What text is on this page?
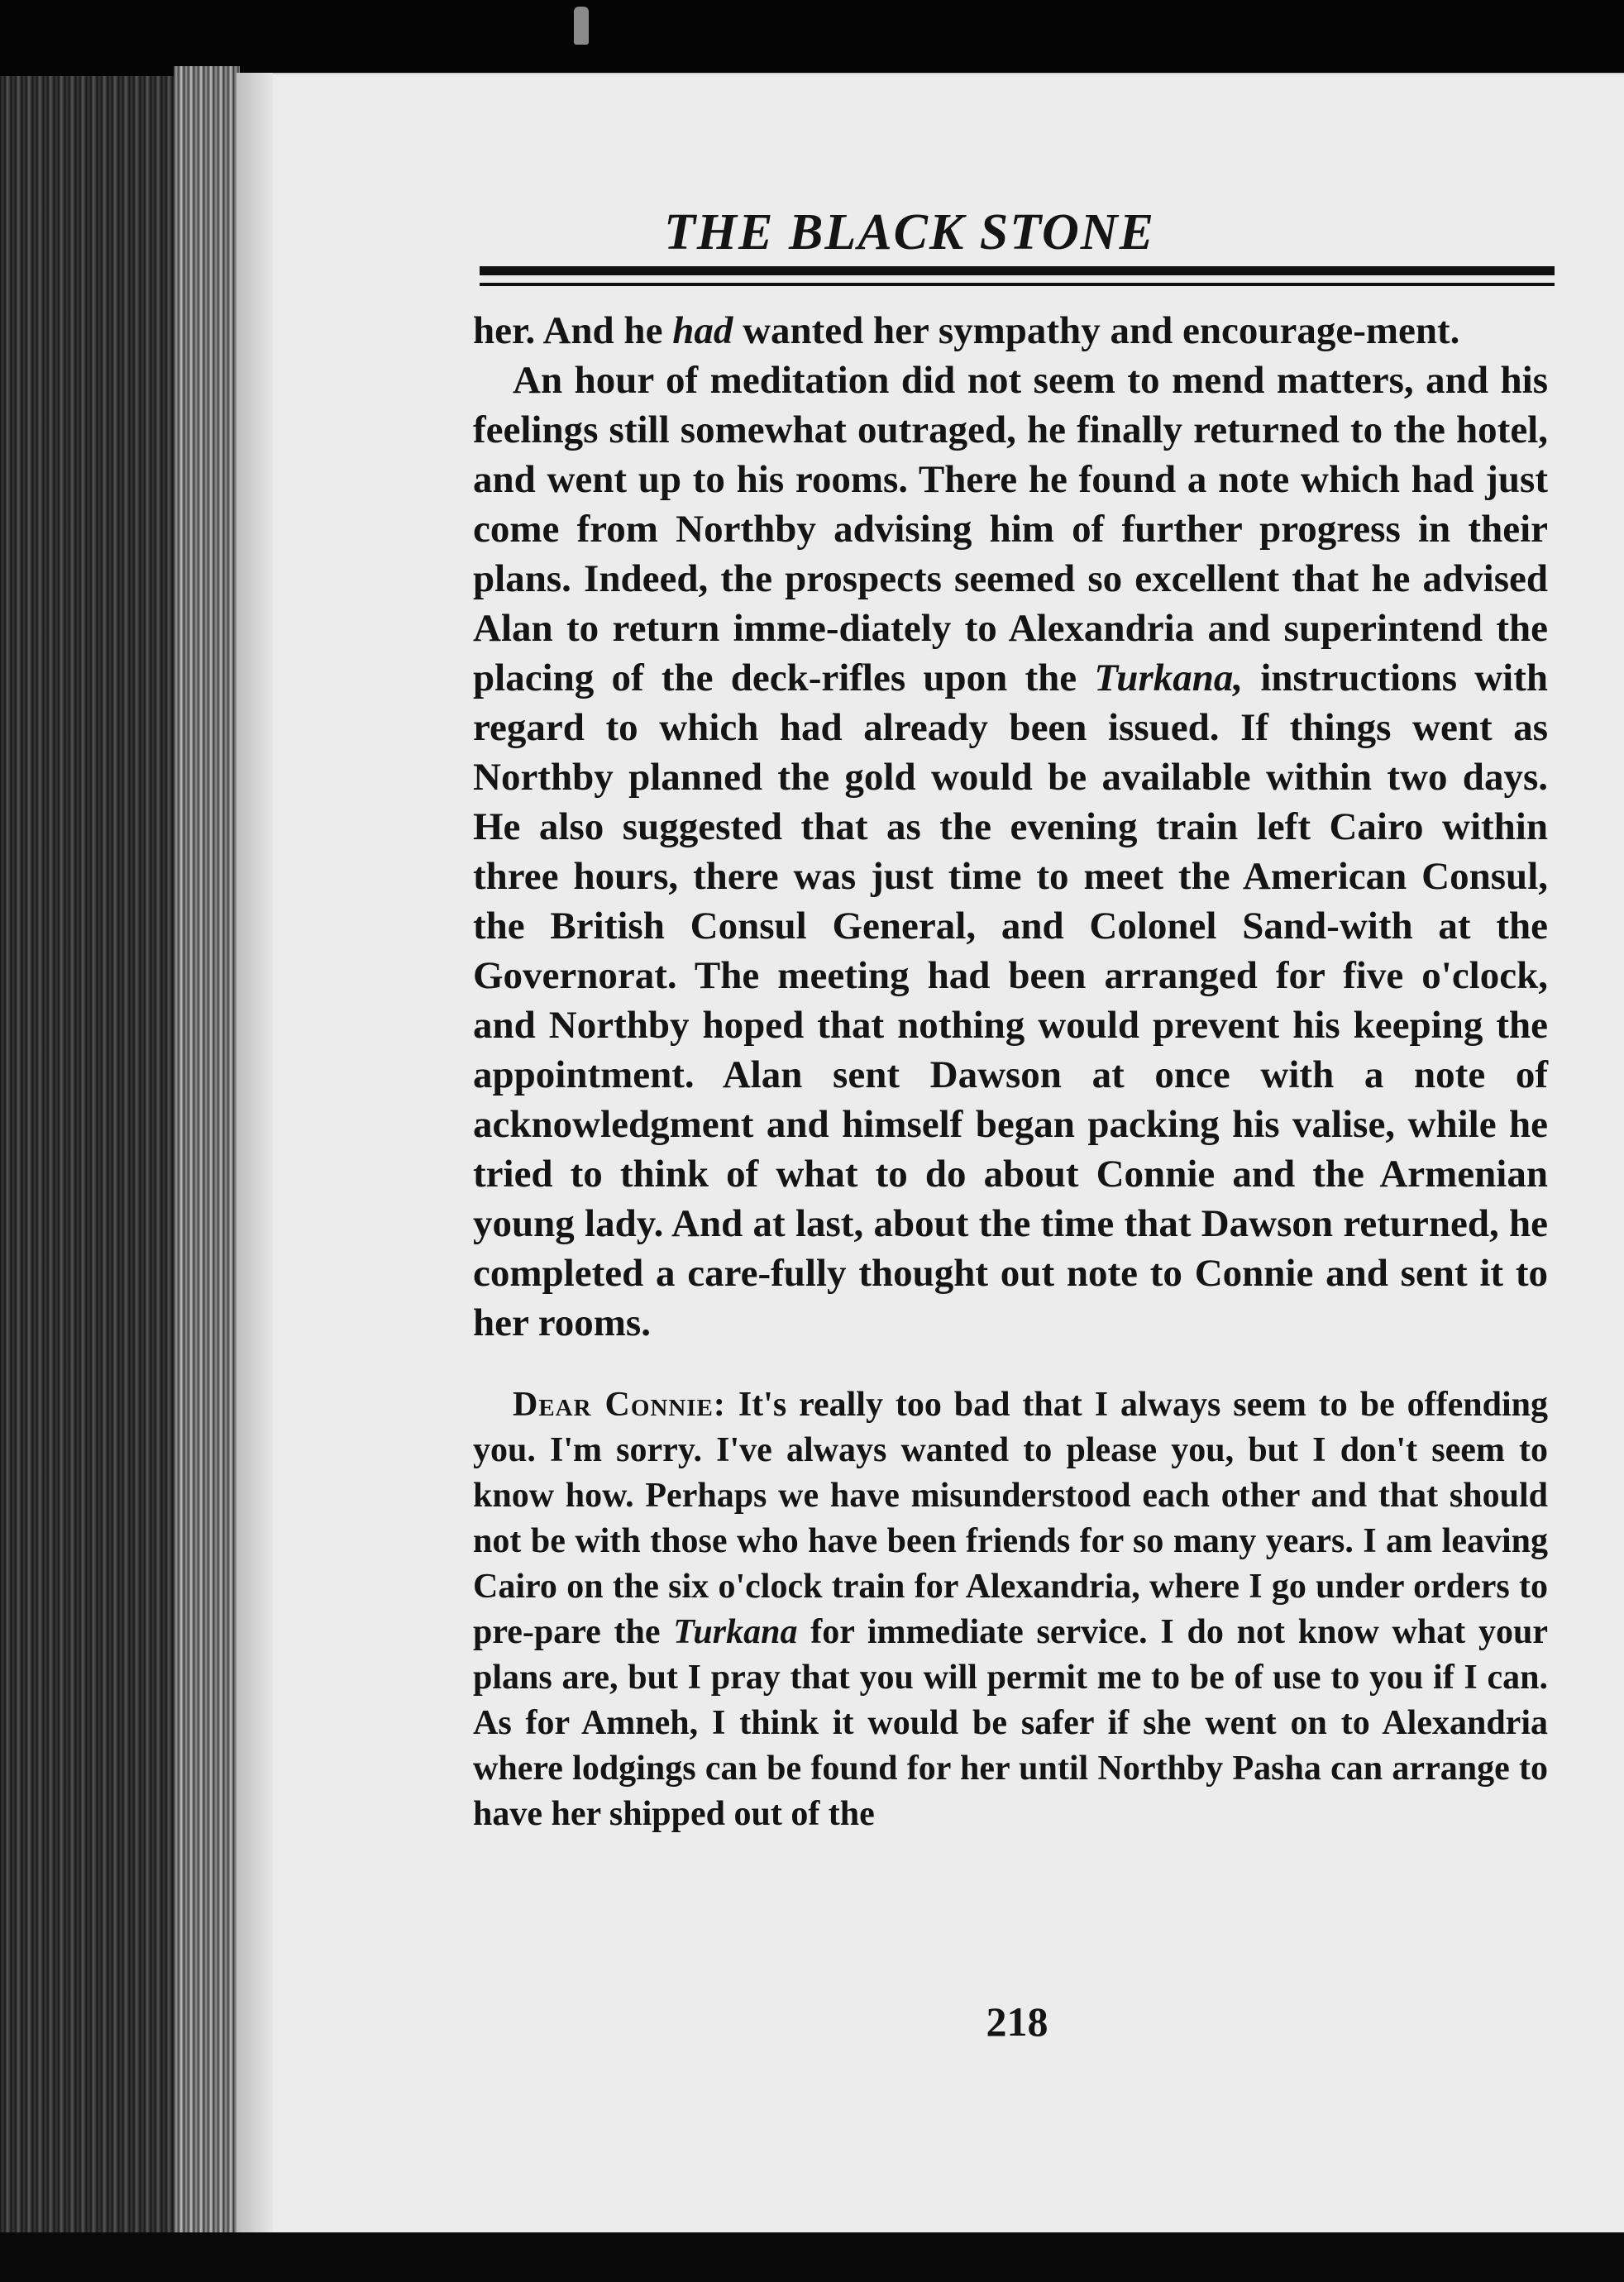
THE BLACK STONE

her. And he had wanted her sympathy and encourage-ment.

An hour of meditation did not seem to mend matters, and his feelings still somewhat outraged, he finally returned to the hotel, and went up to his rooms. There he found a note which had just come from Northby advising him of further progress in their plans. Indeed, the prospects seemed so excellent that he advised Alan to return imme-diately to Alexandria and superintend the placing of the deck-rifles upon the Turkana, instructions with regard to which had already been issued. If things went as Northby planned the gold would be available within two days. He also suggested that as the evening train left Cairo within three hours, there was just time to meet the American Consul, the British Consul General, and Colonel Sand-with at the Governorat. The meeting had been arranged for five o'clock, and Northby hoped that nothing would prevent his keeping the appointment. Alan sent Dawson at once with a note of acknowledgment and himself began packing his valise, while he tried to think of what to do about Connie and the Armenian young lady. And at last, about the time that Dawson returned, he completed a care-fully thought out note to Connie and sent it to her rooms.

Dear Connie: It's really too bad that I always seem to be offending you. I'm sorry. I've always wanted to please you, but I don't seem to know how. Perhaps we have misunderstood each other and that should not be with those who have been friends for so many years. I am leaving Cairo on the six o'clock train for Alexandria, where I go under orders to pre-pare the Turkana for immediate service. I do not know what your plans are, but I pray that you will permit me to be of use to you if I can. As for Amneh, I think it would be safer if she went on to Alexandria where lodgings can be found for her until Northby Pasha can arrange to have her shipped out of the

218
